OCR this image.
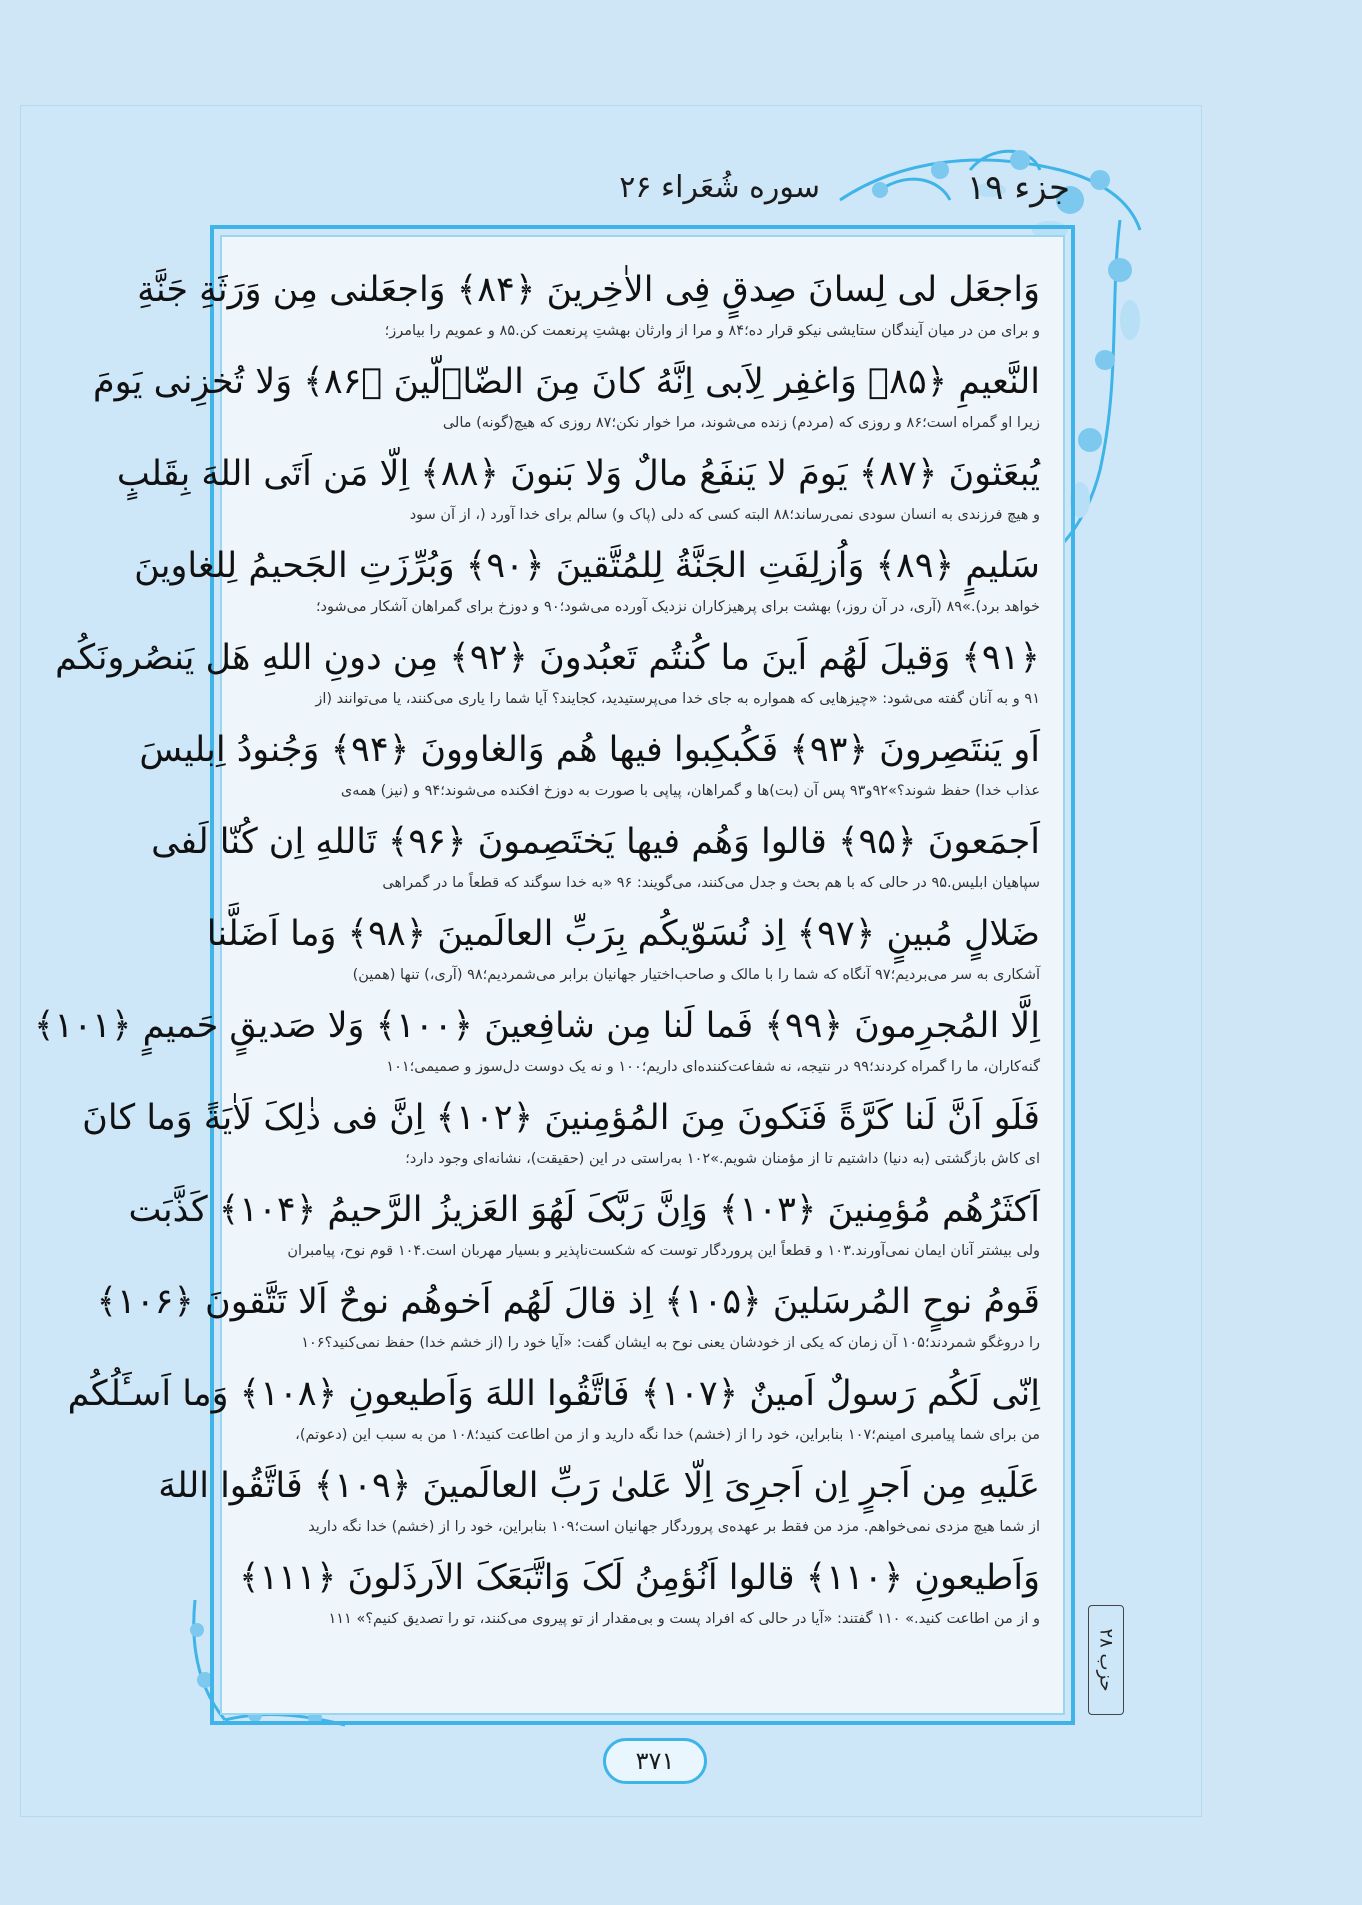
جزء ۱۹
سوره شُعَراء ۲۶
وَاجعَل لی لِسانَ صِدقٍ فِی الاٰخِرینَ ﴿۸۴﴾ وَاجعَلنی مِن وَرَثَةِ جَنَّةِ
و برای من در میان آیندگان ستایشی نیکو قرار ده؛۸۴ و مرا از وارثان بهشتِ پرنعمت کن.۸۵ و عمویم را بیامرز؛
النَّعیمِ ﴿۸۵﴾ وَاغفِر لِاَبی اِنَّهُ کانَ مِنَ الضّاۤلّینَ ﴿۸۶﴾ وَلا تُخزِنی یَومَ
زیرا او گمراه است؛۸۶ و روزی که (مردم) زنده می‌شوند، مرا خوار نکن؛۸۷ روزی که هیچ(گونه) مالی
یُبعَثونَ ﴿۸۷﴾ یَومَ لا یَنفَعُ مالٌ وَلا بَنونَ ﴿۸۸﴾ اِلّا مَن اَتَی اللهَ بِقَلبٍ
و هیچ فرزندی به انسان سودی نمی‌رساند؛۸۸ البته کسی که دلی (پاک و) سالم برای خدا آورد (، از آن سود
سَلیمٍ ﴿۸۹﴾ وَاُزلِفَتِ الجَنَّةُ لِلمُتَّقینَ ﴿۹۰﴾ وَبُرِّزَتِ الجَحیمُ لِلغاوینَ
خواهد برد).»۸۹ (آری، در آن روز،) بهشت برای پرهیزکاران نزدیک آورده می‌شود؛۹۰ و دوزخ برای گمراهان آشکار می‌شود؛
﴿۹۱﴾ وَقیلَ لَهُم اَینَ ما کُنتُم تَعبُدونَ ﴿۹۲﴾ مِن دونِ اللهِ هَل یَنصُرونَکُم
۹۱ و به آنان گفته می‌شود: «چیزهایی که همواره به جای خدا می‌پرستیدید، کجایند؟ آیا شما را یاری می‌کنند، یا می‌توانند (از
اَو یَنتَصِرونَ ﴿۹۳﴾ فَکُبکِبوا فیها هُم وَالغاوونَ ﴿۹۴﴾ وَجُنودُ اِبلیسَ
عذاب خدا) حفظ شوند؟»۹۲و۹۳ پس آن (بت)ها و گمراهان، پیاپی با صورت به دوزخ افکنده می‌شوند؛۹۴ و (نیز) همه‌ی
اَجمَعونَ ﴿۹۵﴾ قالوا وَهُم فیها یَختَصِمونَ ﴿۹۶﴾ تَاللهِ اِن کُنّا لَفی
سپاهیان ابلیس.۹۵ در حالی که با هم بحث و جدل می‌کنند، می‌گویند: ۹۶ «به خدا سوگند که قطعاً ما در گمراهی
ضَلالٍ مُبینٍ ﴿۹۷﴾ اِذ نُسَوّیکُم بِرَبِّ العالَمینَ ﴿۹۸﴾ وَما اَضَلَّنا
آشکاری به سر می‌بردیم؛۹۷ آنگاه که شما را با مالک و صاحب‌اختیار جهانیان برابر می‌شمردیم؛۹۸ (آری،) تنها (همین)
اِلَّا المُجرِمونَ ﴿۹۹﴾ فَما لَنا مِن شافِعینَ ﴿۱۰۰﴾ وَلا صَدیقٍ حَمیمٍ ﴿۱۰۱﴾
گنه‌کاران، ما را گمراه کردند؛۹۹ در نتیجه، نه شفاعت‌کننده‌ای داریم؛۱۰۰ و نه یک دوست دل‌سوز و صمیمی؛۱۰۱
فَلَو اَنَّ لَنا کَرَّةً فَنَکونَ مِنَ المُؤمِنینَ ﴿۱۰۲﴾ اِنَّ فی ذٰلِکَ لَاٰیَةً وَما کانَ
ای کاش بازگشتی (به دنیا) داشتیم تا از مؤمنان شویم.»۱۰۲ به‌راستی در این (حقیقت)، نشانه‌ای وجود دارد؛
اَکثَرُهُم مُؤمِنینَ ﴿۱۰۳﴾ وَاِنَّ رَبَّکَ لَهُوَ العَزیزُ الرَّحیمُ ﴿۱۰۴﴾ کَذَّبَت
ولی بیشتر آنان ایمان نمی‌آورند.۱۰۳ و قطعاً این پروردگار توست که شکست‌ناپذیر و بسیار مهربان است.۱۰۴ قوم نوح، پیامبران
قَومُ نوحٍ المُرسَلینَ ﴿۱۰۵﴾ اِذ قالَ لَهُم اَخوهُم نوحٌ اَلا تَتَّقونَ ﴿۱۰۶﴾
را دروغگو شمردند؛۱۰۵ آن زمان که یکی از خودشان یعنی نوح به ایشان گفت: «آیا خود را (از خشم خدا) حفظ نمی‌کنید؟۱۰۶
اِنّی لَکُم رَسولٌ اَمینٌ ﴿۱۰۷﴾ فَاتَّقُوا اللهَ وَاَطیعونِ ﴿۱۰۸﴾ وَما اَسـَٔلُکُم
من برای شما پیامبری امینم؛۱۰۷ بنابراین، خود را از (خشم) خدا نگه دارید و از من اطاعت کنید؛۱۰۸ من به سبب این (دعوتم)،
عَلَیهِ مِن اَجرٍ اِن اَجرِیَ اِلّا عَلیٰ رَبِّ العالَمینَ ﴿۱۰۹﴾ فَاتَّقُوا اللهَ
از شما هیچ مزدی نمی‌خواهم. مزد من فقط بر عهده‌ی پروردگار جهانیان است؛۱۰۹ بنابراین، خود را از (خشم) خدا نگه دارید
وَاَطیعونِ ﴿۱۱۰﴾ قالوا اَنُؤمِنُ لَکَ وَاتَّبَعَکَ الاَرذَلونَ ﴿۱۱۱﴾
و از من اطاعت کنید.» ۱۱۰ گفتند: «آیا در حالی که افراد پست و بی‌مقدار از تو پیروی می‌کنند، تو را تصدیق کنیم؟» ۱۱۱
حزب ۲۸
۳۷۱
